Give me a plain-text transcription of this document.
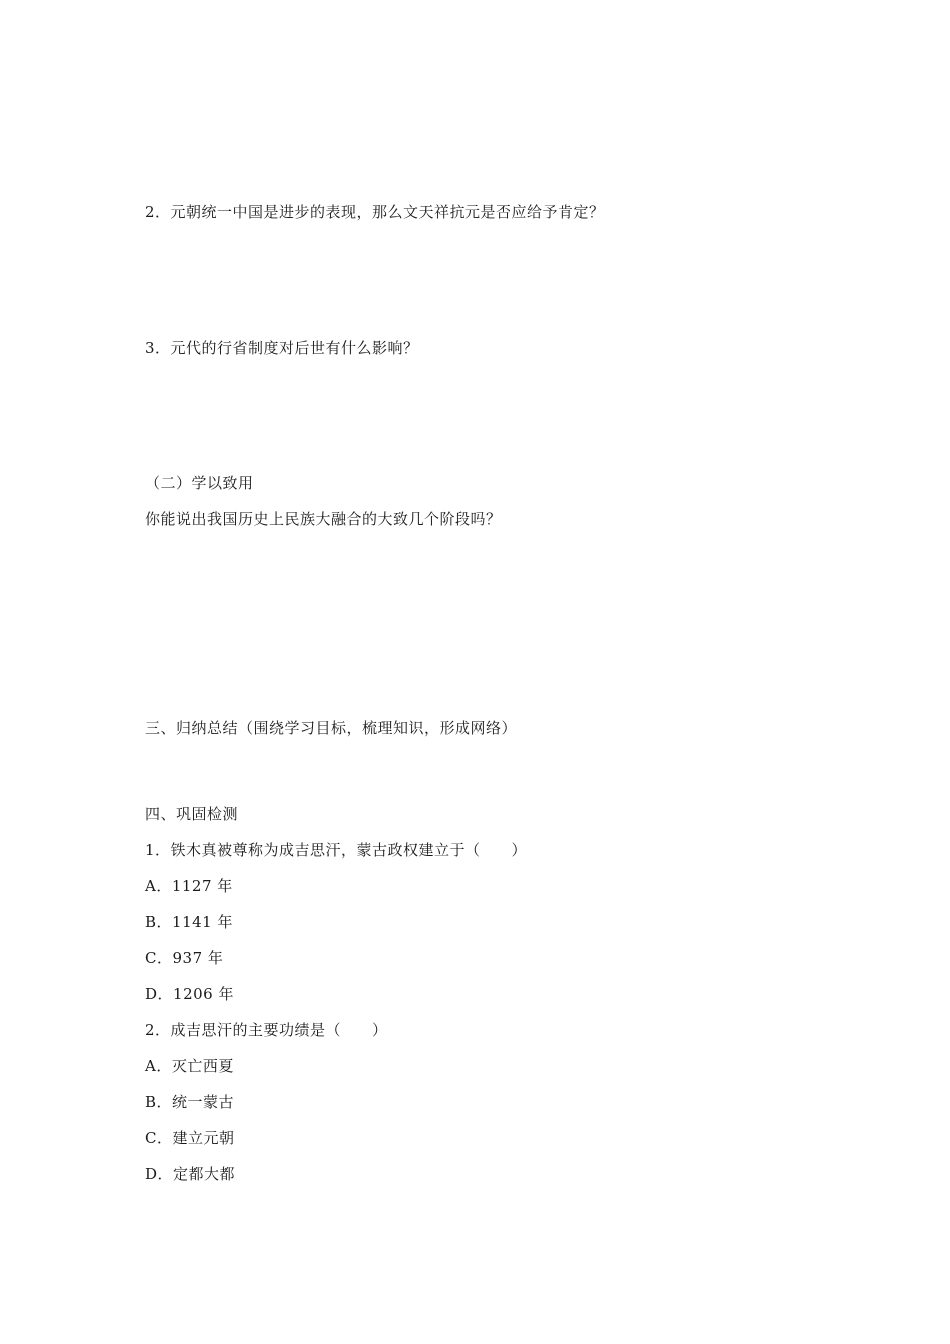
2．元朝统一中国是进步的表现，那么文天祥抗元是否应给予肯定？
3．元代的行省制度对后世有什么影响？
（二）学以致用
你能说出我国历史上民族大融合的大致几个阶段吗？
三、归纳总结（围绕学习目标，梳理知识，形成网络）
四、巩固检测
1．铁木真被尊称为成吉思汗，蒙古政权建立于（　　）
A．1127 年
B．1141 年
C．937 年
D．1206 年
2．成吉思汗的主要功绩是（　　）
A．灭亡西夏
B．统一蒙古
C．建立元朝
D．定都大都
